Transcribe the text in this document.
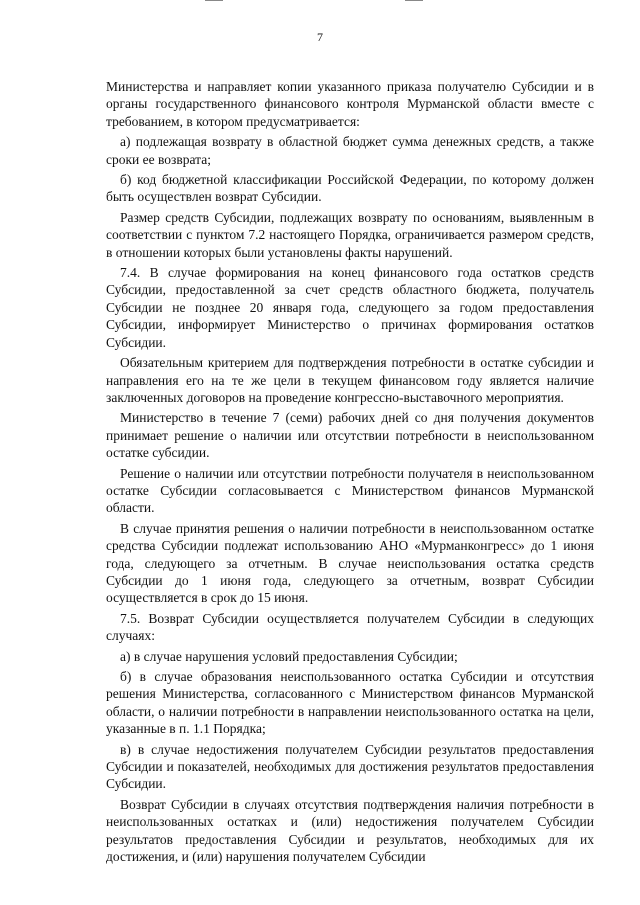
7

Министерства и направляет копии указанного приказа получателю Субсидии и в органы государственного финансового контроля Мурманской области вместе с требованием, в котором предусматривается:

а) подлежащая возврату в областной бюджет сумма денежных средств, а также сроки ее возврата;

б) код бюджетной классификации Российской Федерации, по которому должен быть осуществлен возврат Субсидии.

Размер средств Субсидии, подлежащих возврату по основаниям, выявленным в соответствии с пунктом 7.2 настоящего Порядка, ограничивается размером средств, в отношении которых были установлены факты нарушений.

7.4. В случае формирования на конец финансового года остатков средств Субсидии, предоставленной за счет средств областного бюджета, получатель Субсидии не позднее 20 января года, следующего за годом предоставления Субсидии, информирует Министерство о причинах формирования остатков Субсидии.

Обязательным критерием для подтверждения потребности в остатке субсидии и направления его на те же цели в текущем финансовом году является наличие заключенных договоров на проведение конгрессно-выставочного мероприятия.

Министерство в течение 7 (семи) рабочих дней со дня получения документов принимает решение о наличии или отсутствии потребности в неиспользованном остатке субсидии.

Решение о наличии или отсутствии потребности получателя в неиспользованном остатке Субсидии согласовывается с Министерством финансов Мурманской области.

В случае принятия решения о наличии потребности в неиспользованном остатке средства Субсидии подлежат использованию АНО «Мурманконгресс» до 1 июня года, следующего за отчетным. В случае неиспользования остатка средств Субсидии до 1 июня года, следующего за отчетным, возврат Субсидии осуществляется в срок до 15 июня.

7.5. Возврат Субсидии осуществляется получателем Субсидии в следующих случаях:

а) в случае нарушения условий предоставления Субсидии;

б) в случае образования неиспользованного остатка Субсидии и отсутствия решения Министерства, согласованного с Министерством финансов Мурманской области, о наличии потребности в направлении неиспользованного остатка на цели, указанные в п. 1.1 Порядка;

в) в случае недостижения получателем Субсидии результатов предоставления Субсидии и показателей, необходимых для достижения результатов предоставления Субсидии.

Возврат Субсидии в случаях отсутствия подтверждения наличия потребности в неиспользованных остатках и (или) недостижения получателем Субсидии результатов предоставления Субсидии и результатов, необходимых для их достижения, и (или) нарушения получателем Субсидии
